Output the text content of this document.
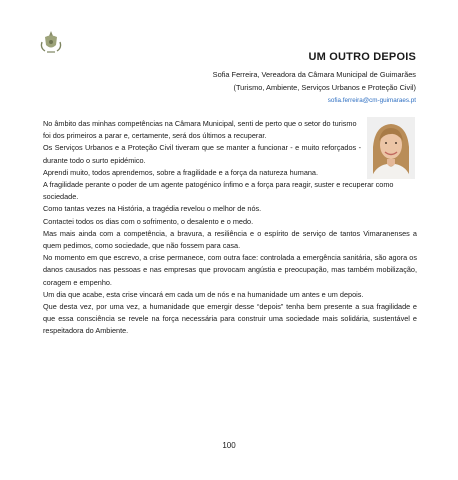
UM OUTRO DEPOIS
Sofia Ferreira, Vereadora da Câmara Municipal de Guimarães
(Turismo, Ambiente, Serviços Urbanos e Proteção Civil)
sofia.ferreira@cm-guimaraes.pt

No âmbito das minhas competências na Câmara Municipal, senti de perto que o setor do turismo foi dos primeiros a parar e, certamente, será dos últimos a recuperar.

Os Serviços Urbanos e a Proteção Civil tiveram que se manter a funcionar - e muito reforçados - durante todo o surto epidémico.

Aprendi muito, todos aprendemos, sobre a fragilidade e a força da natureza humana.

A fragilidade perante o poder de um agente patogénico ínfimo e a força para reagir, suster e recuperar como sociedade.

Como tantas vezes na História, a tragédia revelou o melhor de nós.

Contactei todos os dias com o sofrimento, o desalento e o medo.

Mas mais ainda com a competência, a bravura, a resiliência e o espírito de serviço de tantos Vimaranenses a quem pedimos, como sociedade, que não fossem para casa.

No momento em que escrevo, a crise permanece, com outra face: controlada a emergência sanitária, são agora os danos causados nas pessoas e nas empresas que provocam angústia e preocupação, mas também mobilização, coragem e empenho.

Um dia que acabe, esta crise vincará em cada um de nós e na humanidade um antes e um depois.

Que desta vez, por uma vez, a humanidade que emergir desse “depois” tenha bem presente a sua fragilidade e que essa consciência se revele na força necessária para construir uma sociedade mais solidária, sustentável e respeitadora do Ambiente.

100
